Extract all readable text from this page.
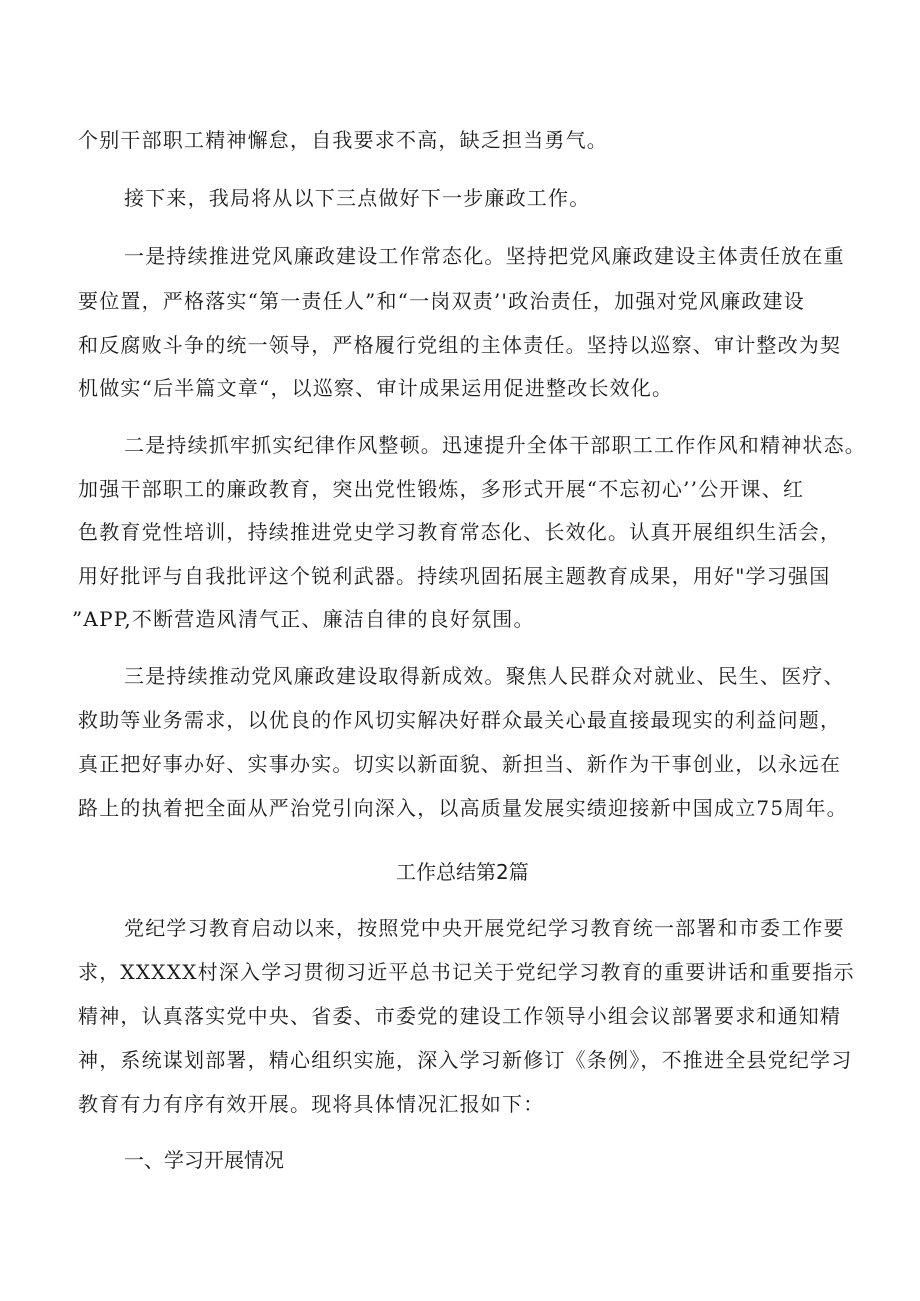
个别干部职工精神懈怠，自我要求不高，缺乏担当勇气。
接下来，我局将从以下三点做好下一步廉政工作。
一是持续推进党风廉政建设工作常态化。坚持把党风廉政建设主体责任放在重
要位置，严格落实“第一责任人”和“一岗双责’'政治责任，加强对党风廉政建设
和反腐败斗争的统一领导，严格履行党组的主体责任。坚持以巡察、审计整改为契
机做实“后半篇文章“，以巡察、审计成果运用促进整改长效化。
二是持续抓牢抓实纪律作风整顿。迅速提升全体干部职工工作作风和精神状态。
加强干部职工的廉政教育，突出党性锻炼，多形式开展“不忘初心’’公开课、红
色教育党性培训，持续推进党史学习教育常态化、长效化。认真开展组织生活会，
用好批评与自我批评这个锐利武器。持续巩固拓展主题教育成果，用好"学习强国
”APP,不断营造风清气正、廉洁自律的良好氛围。
三是持续推动党风廉政建设取得新成效。聚焦人民群众对就业、民生、医疗、
救助等业务需求，以优良的作风切实解决好群众最关心最直接最现实的利益问题，
真正把好事办好、实事办实。切实以新面貌、新担当、新作为干事创业，以永远在
路上的执着把全面从严治党引向深入，以高质量发展实绩迎接新中国成立75周年。
工作总结第2篇
党纪学习教育启动以来，按照党中央开展党纪学习教育统一部署和市委工作要
求，XXXXX村深入学习贯彻习近平总书记关于党纪学习教育的重要讲话和重要指示
精神，认真落实党中央、省委、市委党的建设工作领导小组会议部署要求和通知精
神，系统谋划部署，精心组织实施，深入学习新修订《条例》，不推进全县党纪学习
教育有力有序有效开展。现将具体情况汇报如下：
一、学习开展情况
